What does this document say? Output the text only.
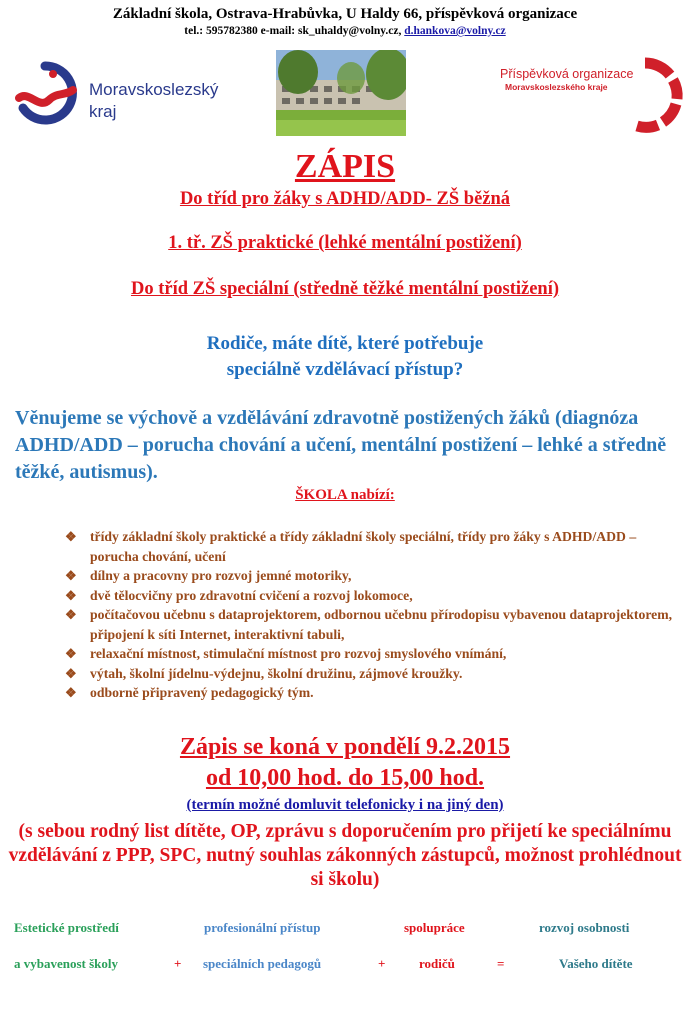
Základní škola, Ostrava-Hrabůvka, U Haldy 66, příspěvková organizace
tel.: 595782380 e-mail: sk_uhaldy@volny.cz, d.hankova@volny.cz
Moravskoslezský
kraj
Příspěvková organizace
Moravskoslezského kraje
ZÁPIS
Do tříd pro žáky s ADHD/ADD- ZŠ běžná
1. tř. ZŠ praktické (lehké mentální postižení)
Do tříd ZŠ speciální (středně těžké mentální postižení)
Rodiče, máte dítě, které potřebuje
speciálně vzdělávací přístup?
Věnujeme se výchově a vzdělávání zdravotně postižených žáků (diagnóza ADHD/ADD – porucha chování a učení, mentální postižení – lehké a středně těžké, autismus).
ŠKOLA nabízí:
❖ třídy základní školy praktické a třídy základní školy speciální, třídy pro žáky s ADHD/ADD – porucha chování, učení
❖ dílny a pracovny pro rozvoj jemné motoriky,
❖ dvě tělocvičny pro zdravotní cvičení a rozvoj lokomoce,
❖ počítačovou učebnu s dataprojektorem, odbornou učebnu přírodopisu vybavenou dataprojektorem, připojení k síti Internet, interaktivní tabuli,
❖ relaxační místnost, stimulační místnost pro rozvoj smyslového vnímání,
❖ výtah, školní jídelnu-výdejnu, školní družinu, zájmové kroužky.
❖ odborně připravený pedagogický tým.
Zápis se koná v pondělí 9.2.2015
od 10,00 hod. do 15,00 hod.
(termín možné domluvit telefonicky i na jiný den)
(s sebou rodný list dítěte, OP, zprávu s doporučením pro přijetí ke speciálnímu vzdělávání z PPP, SPC, nutný souhlas zákonných zástupců, možnost prohlédnout si školu)
Estetické prostředí	profesionální přístup	spolupráce	rozvoj osobnosti
a vybavenost školy	+ speciálních pedagogů	+	rodičů	=	Vašeho dítěte
